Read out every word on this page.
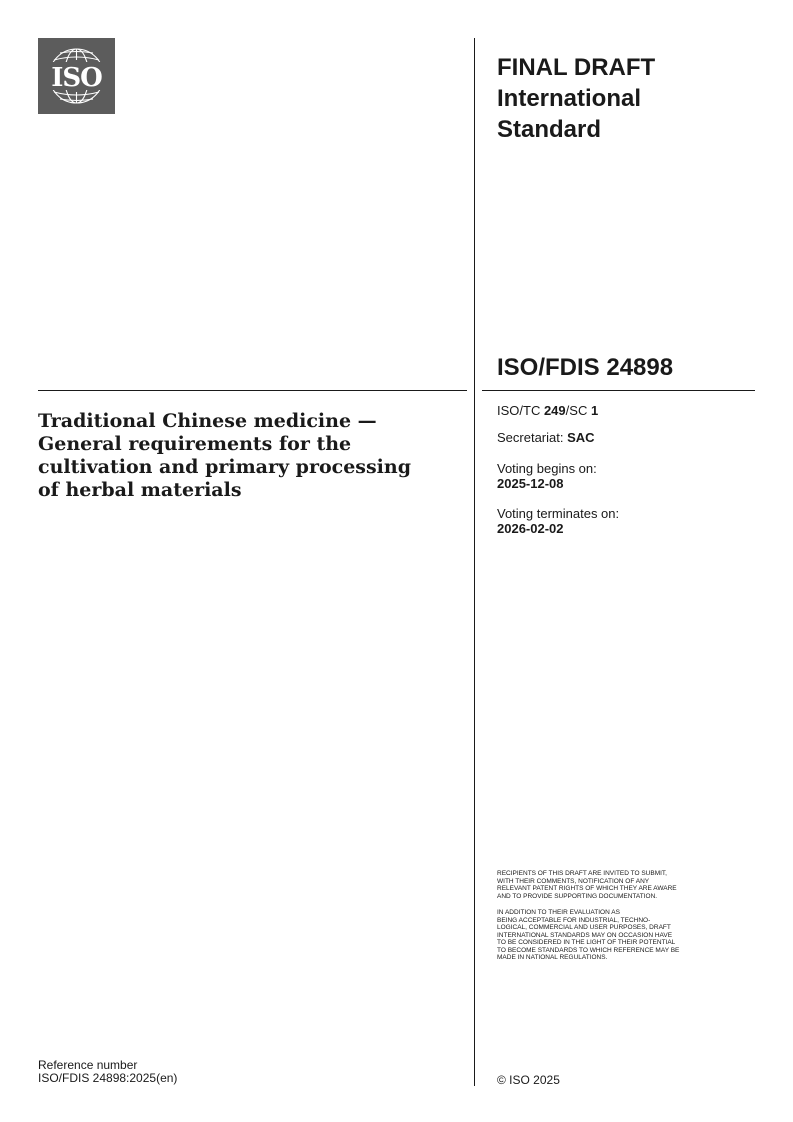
ISO	FINAL DRAFT
International
Standard
ISO/FDIS 24898
Traditional Chinese medicine —
General requirements for the
cultivation and primary processing
of herbal materials
ISO/TC 249/SC 1
Secretariat: SAC
Voting begins on:
2025-12-08
Voting terminates on:
2026-02-02
RECIPIENTS OF THIS DRAFT ARE INVITED TO SUBMIT,
WITH THEIR COMMENTS, NOTIFICATION OF ANY
RELEVANT PATENT RIGHTS OF WHICH THEY ARE AWARE
AND TO PROVIDE SUPPORTING DOCUMENTATION.
IN ADDITION TO THEIR EVALUATION AS
BEING ACCEPTABLE FOR INDUSTRIAL, TECHNO-
LOGICAL, COMMERCIAL AND USER PURPOSES, DRAFT
INTERNATIONAL STANDARDS MAY ON OCCASION HAVE
TO BE CONSIDERED IN THE LIGHT OF THEIR POTENTIAL
TO BECOME STANDARDS TO WHICH REFERENCE MAY BE
MADE IN NATIONAL REGULATIONS.
Reference number
ISO/FDIS 24898:2025(en)	© ISO 2025
